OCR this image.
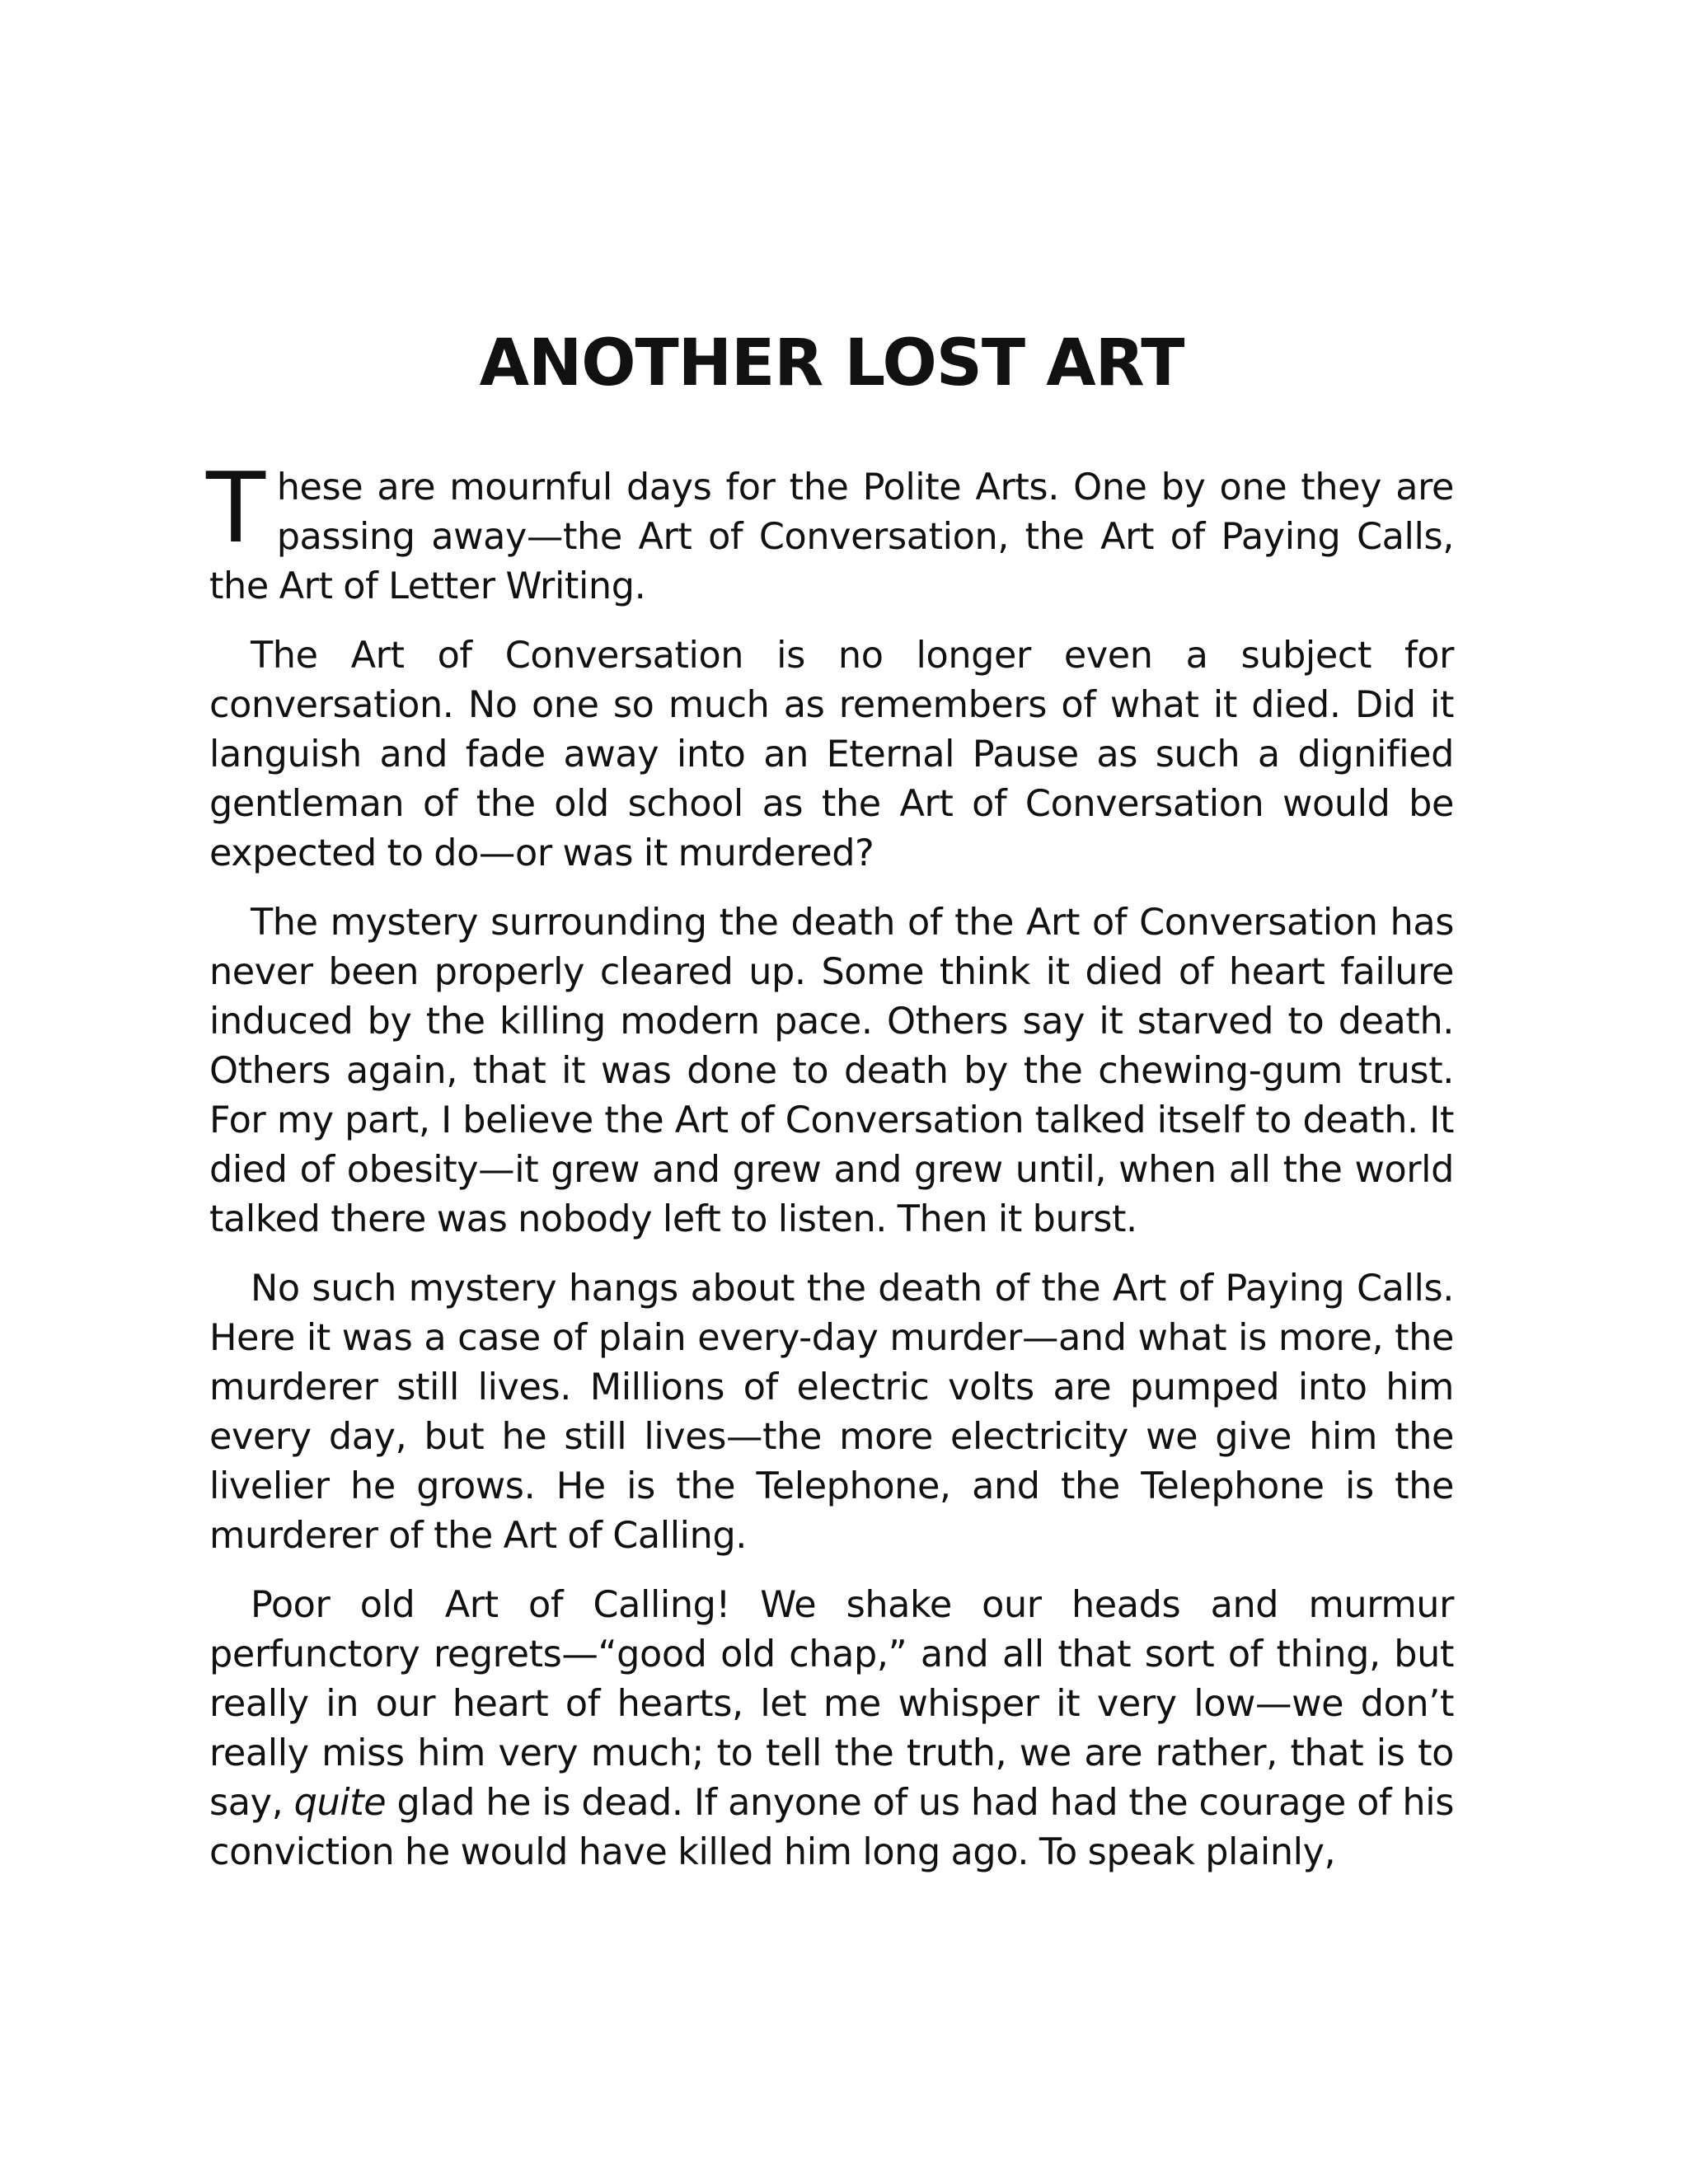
ANOTHER LOST ART

These are mournful days for the Polite Arts. One by one they are passing away—the Art of Conversation, the Art of Paying Calls, the Art of Letter Writing.

The Art of Conversation is no longer even a subject for conversation. No one so much as remembers of what it died. Did it languish and fade away into an Eternal Pause as such a dignified gentleman of the old school as the Art of Conversation would be expected to do—or was it murdered?

The mystery surrounding the death of the Art of Conversation has never been properly cleared up. Some think it died of heart failure induced by the killing modern pace. Others say it starved to death. Others again, that it was done to death by the chewing-gum trust. For my part, I believe the Art of Conversation talked itself to death. It died of obesity—it grew and grew and grew until, when all the world talked there was nobody left to listen. Then it burst.

No such mystery hangs about the death of the Art of Paying Calls. Here it was a case of plain every-day murder—and what is more, the murderer still lives. Millions of electric volts are pumped into him every day, but he still lives—the more electricity we give him the livelier he grows. He is the Telephone, and the Telephone is the murderer of the Art of Calling.

Poor old Art of Calling! We shake our heads and murmur perfunctory regrets—“good old chap,” and all that sort of thing, but really in our heart of hearts, let me whisper it very low—we don’t really miss him very much; to tell the truth, we are rather, that is to say, quite glad he is dead. If anyone of us had had the courage of his conviction he would have killed him long ago. To speak plainly,
